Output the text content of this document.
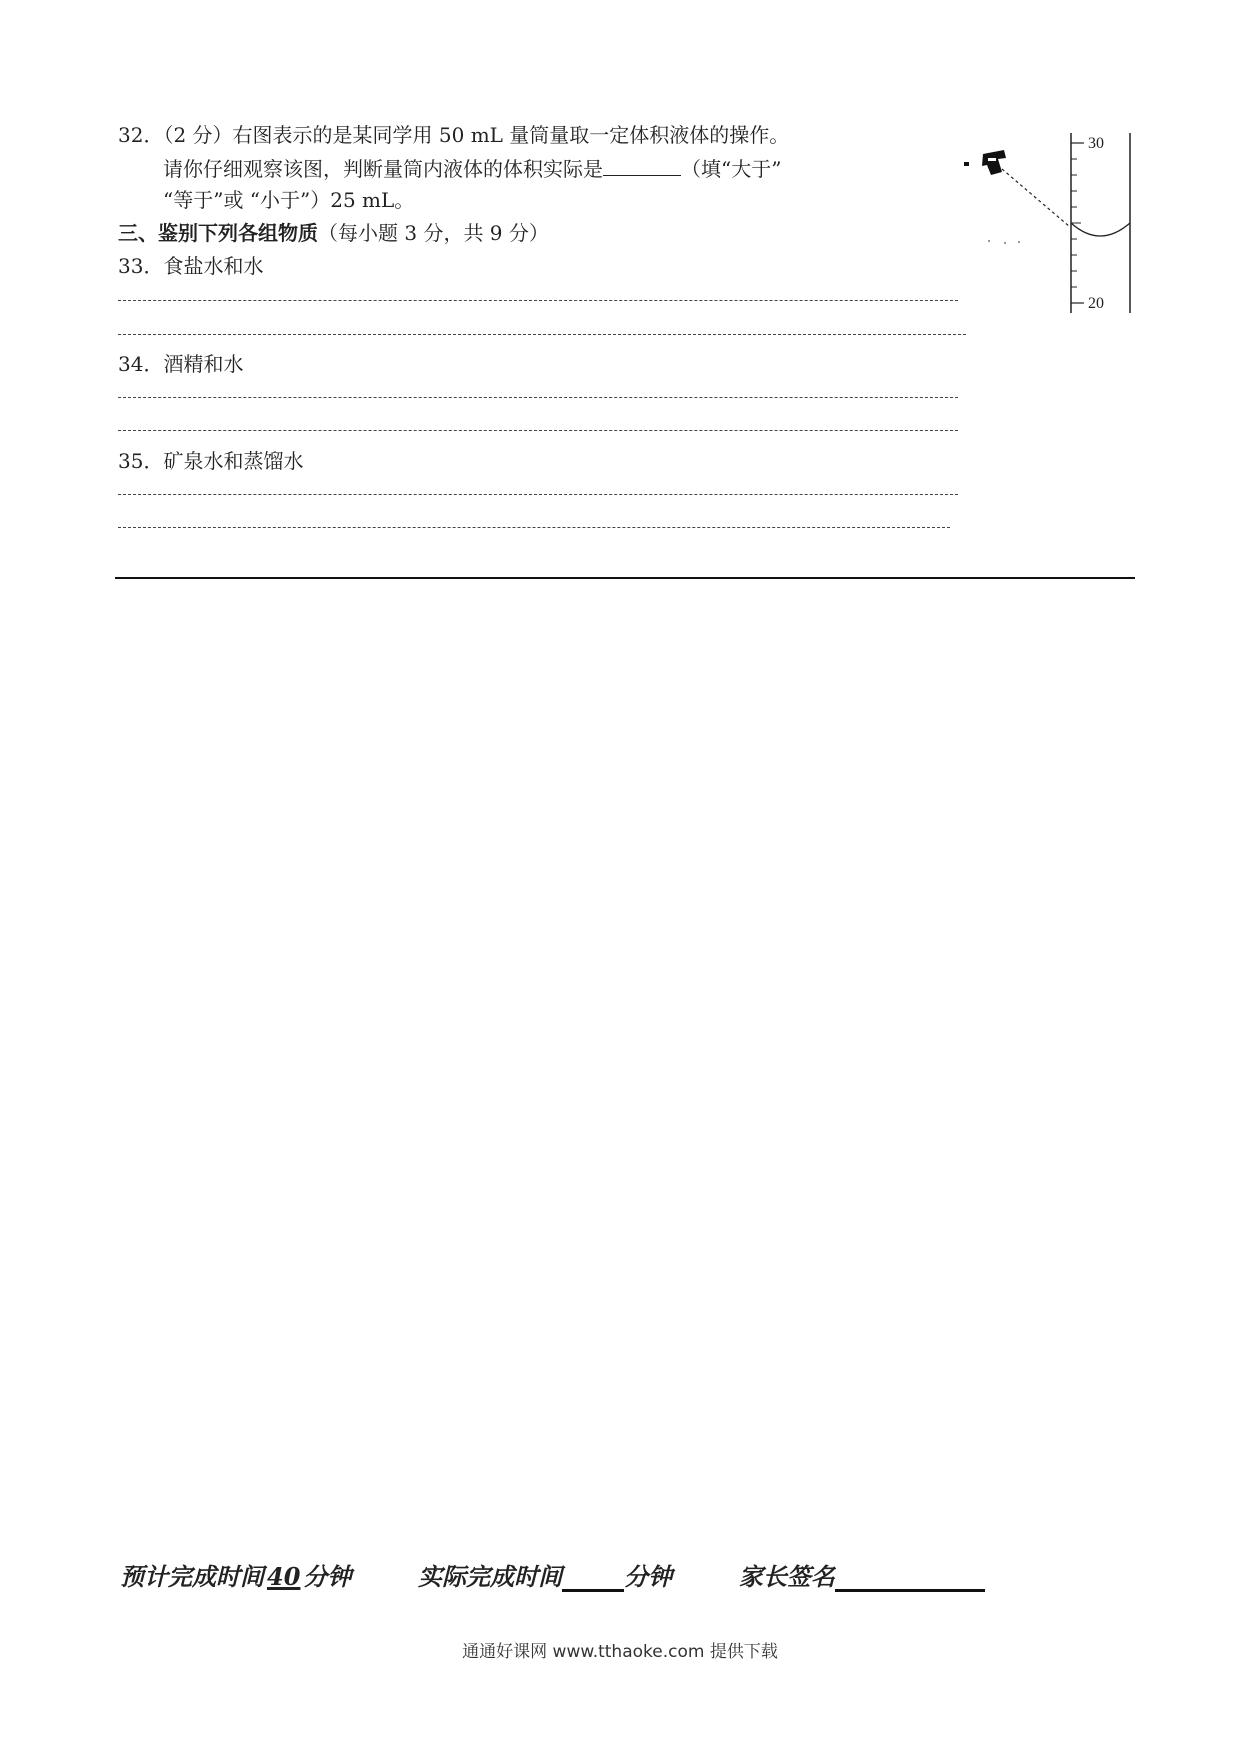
32．（2 分）右图表示的是某同学用 50 mL 量筒量取一定体积液体的操作。
请你仔细观察该图，判断量筒内液体的体积实际是	（填“大于”
“等于”或 “小于”）25 mL。
三、鉴别下列各组物质（每小题 3 分，共 9 分）
33．食盐水和水
34．酒精和水
35．矿泉水和蒸馏水
30
20
预计完成时间 40 分钟	实际完成时间	分钟	家长签名
通通好课网 www.tthaoke.com 提供下载
